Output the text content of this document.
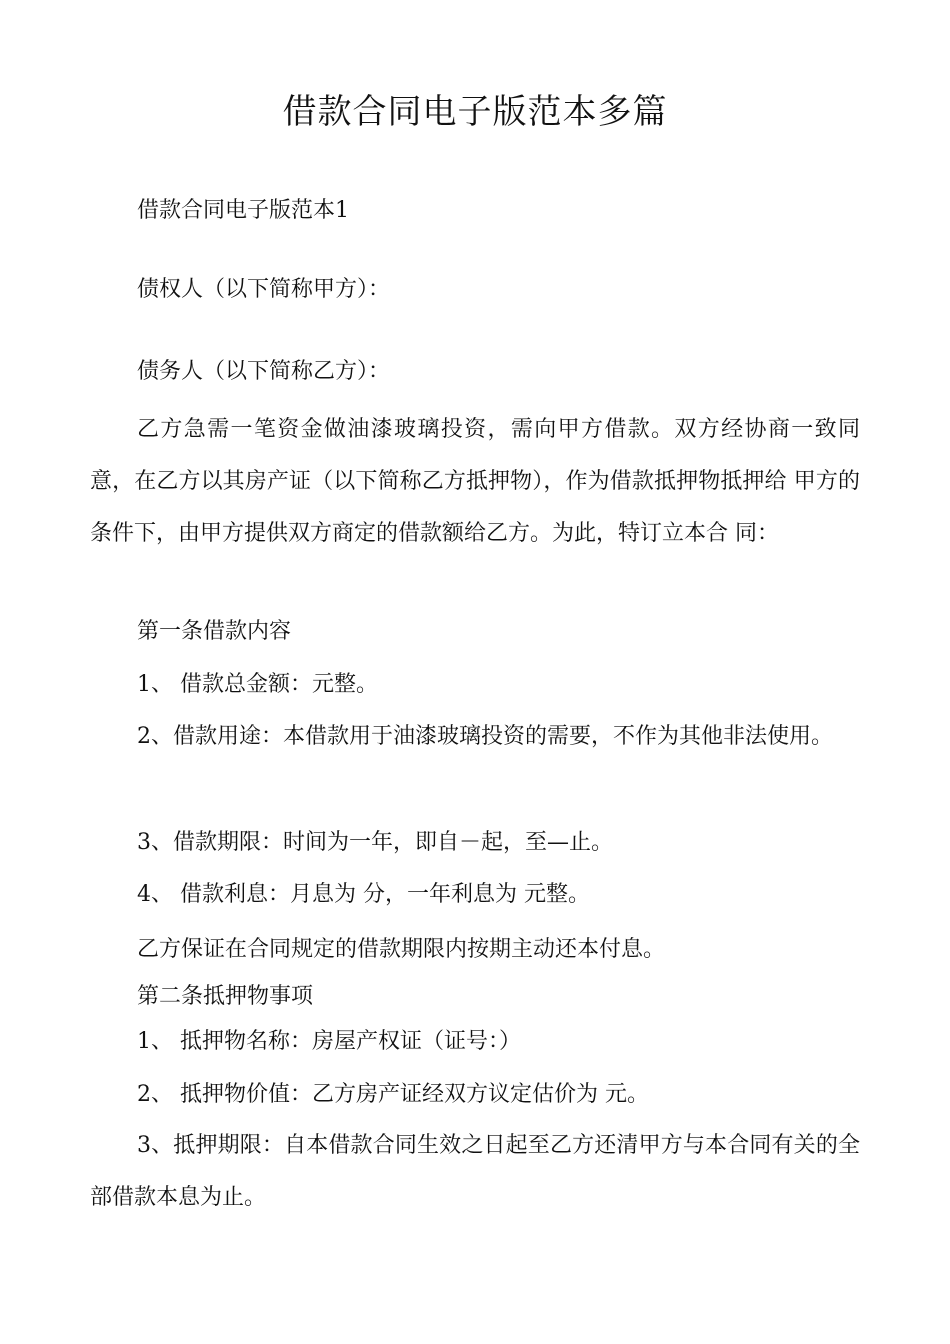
借款合同电子版范本多篇
借款合同电子版范本1
债权人（以下简称甲方）：
债务人（以下简称乙方）：

乙方急需一笔资金做油漆玻璃投资，需向甲方借款。双方经协商一致同意，在乙方以其房产证（以下简称乙方抵押物），作为借款抵押物抵押给 甲方的条件下，由甲方提供双方商定的借款额给乙方。为此，特订立本合 同：

第一条借款内容
1、 借款总金额：元整。

2、借款用途：本借款用于油漆玻璃投资的需要，不作为其他非法使用。

3、借款期限：时间为一年，即自－起，至—止。
4、 借款利息：月息为 分，一年利息为 元整。
乙方保证在合同规定的借款期限内按期主动还本付息。
第二条抵押物事项
1、 抵押物名称：房屋产权证（证号：）
2、 抵押物价值：乙方房产证经双方议定估价为 元。

3、抵押期限：自本借款合同生效之日起至乙方还清甲方与本合同有关的全部借款本息为止。
